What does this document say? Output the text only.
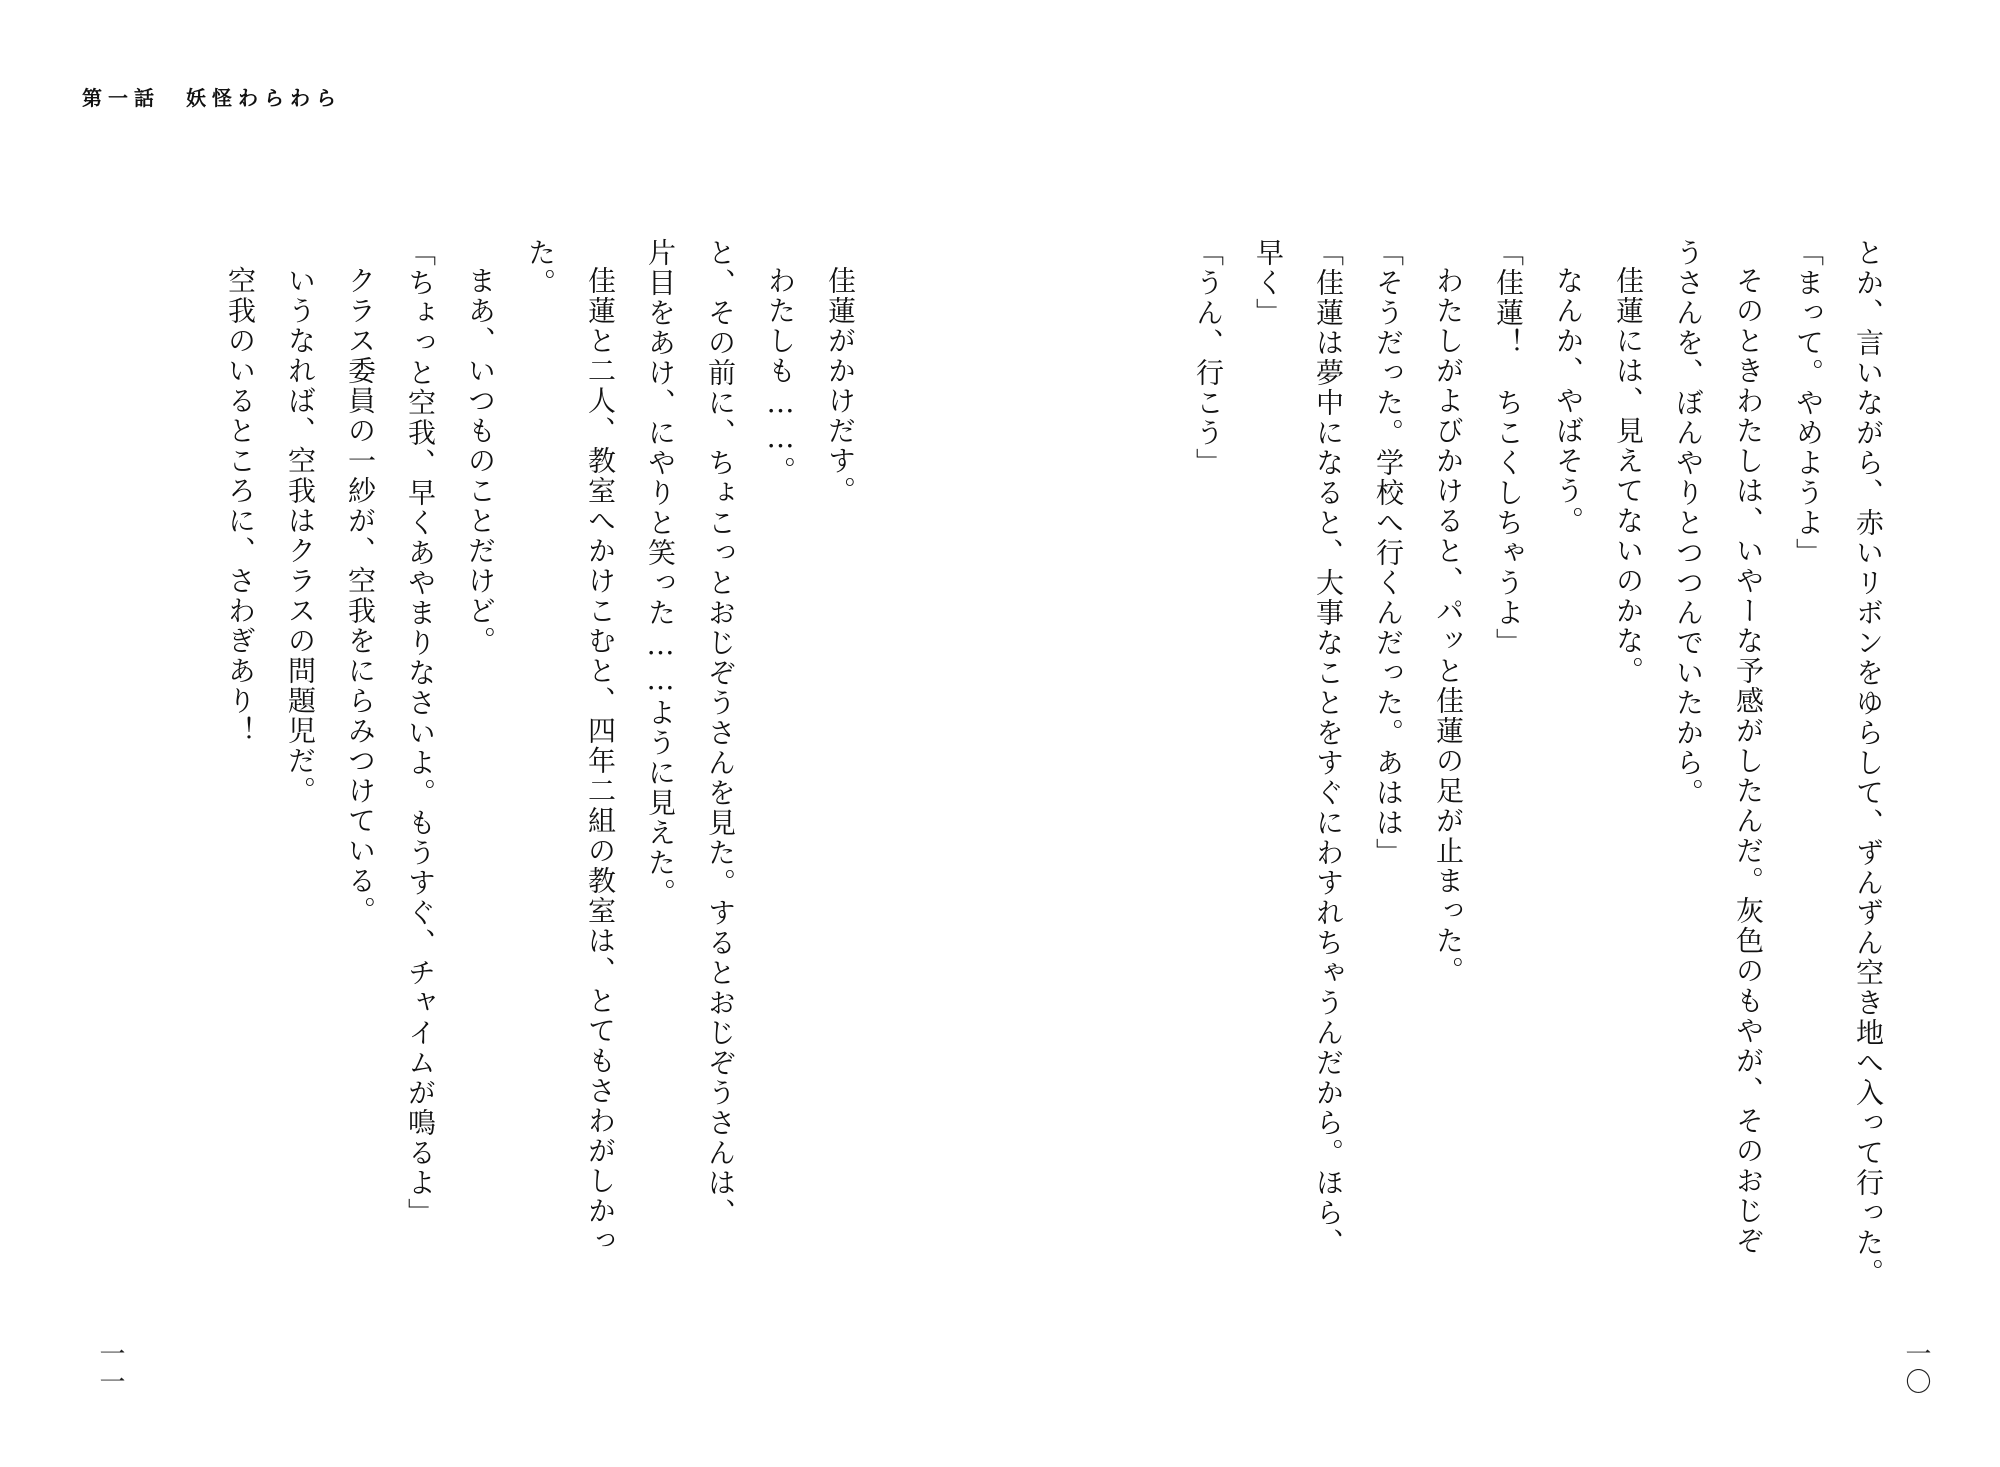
第一話　妖怪わらわら
一〇
一一
とか、言いながら、赤いリボンをゆらして、ずんずん空き地へ入って行った。
「まって。やめようよ」
そのときわたしは、いやーな予感がしたんだ。灰色のもやが、そのおじぞ
うさんを、ぼんやりとつつんでいたから。
佳蓮には、見えてないのかな。
なんか、やばそう。
「佳蓮！　ちこくしちゃうよ」
わたしがよびかけると、パッと佳蓮の足が止まった。
「そうだった。学校へ行くんだった。あはは」
「佳蓮は夢中になると、大事なことをすぐにわすれちゃうんだから。ほら、
早く」
「うん、行こう」
佳蓮がかけだす。
わたしも……。
と、その前に、ちょこっとおじぞうさんを見た。するとおじぞうさんは、
片目をあけ、にやりと笑った……ように見えた。
佳蓮と二人、教室へかけこむと、四年二組の教室は、とてもさわがしかっ
た。
まあ、いつものことだけど。
「ちょっと空我、早くあやまりなさいよ。もうすぐ、チャイムが鳴るよ」
クラス委員の一紗が、空我をにらみつけている。
いうなれば、空我はクラスの問題児だ。
空我のいるところに、さわぎあり！
